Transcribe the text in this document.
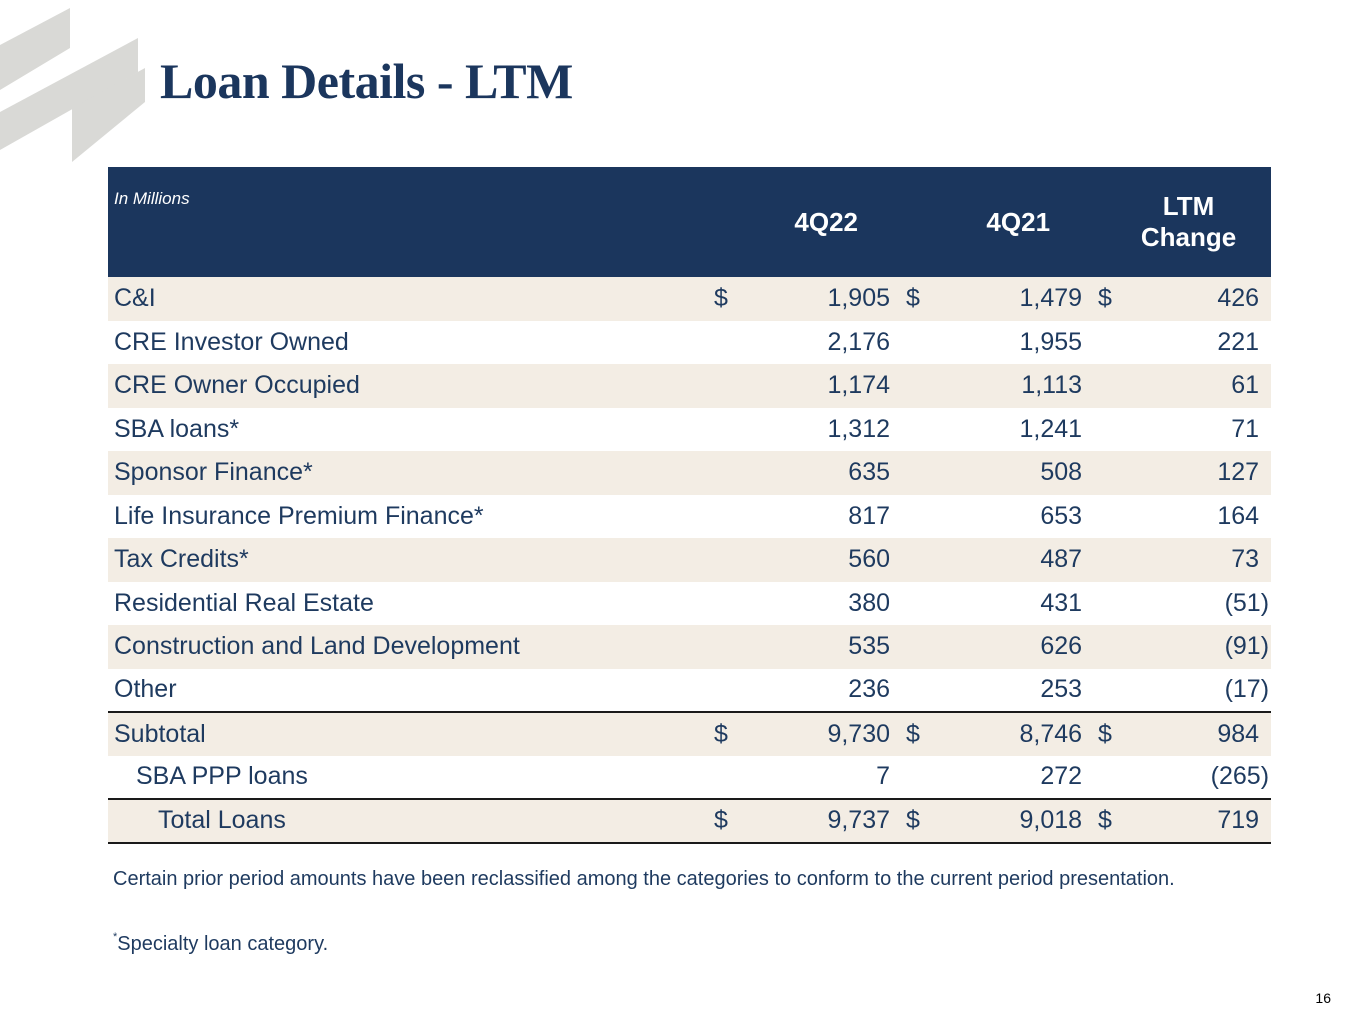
Loan Details - LTM
In Millions	4Q22		4Q21		LTM
Change	
C&I	$	1,905	$	1,479	$	426
CRE Investor Owned		2,176		1,955		221
CRE Owner Occupied		1,174		1,113		61
SBA loans*		1,312		1,241		71
Sponsor Finance*		635		508		127
Life Insurance Premium Finance*		817		653		164
Tax Credits*		560		487		73
Residential Real Estate		380		431		(51)
Construction and Land Development		535		626		(91)
Other		236		253		(17)
Subtotal	$	9,730	$	8,746	$	984
SBA PPP loans		7		272		(265)
Total Loans	$	9,737	$	9,018	$	719

Certain prior period amounts have been reclassified among the categories to conform to the current period presentation.

*Specialty loan category.

16
